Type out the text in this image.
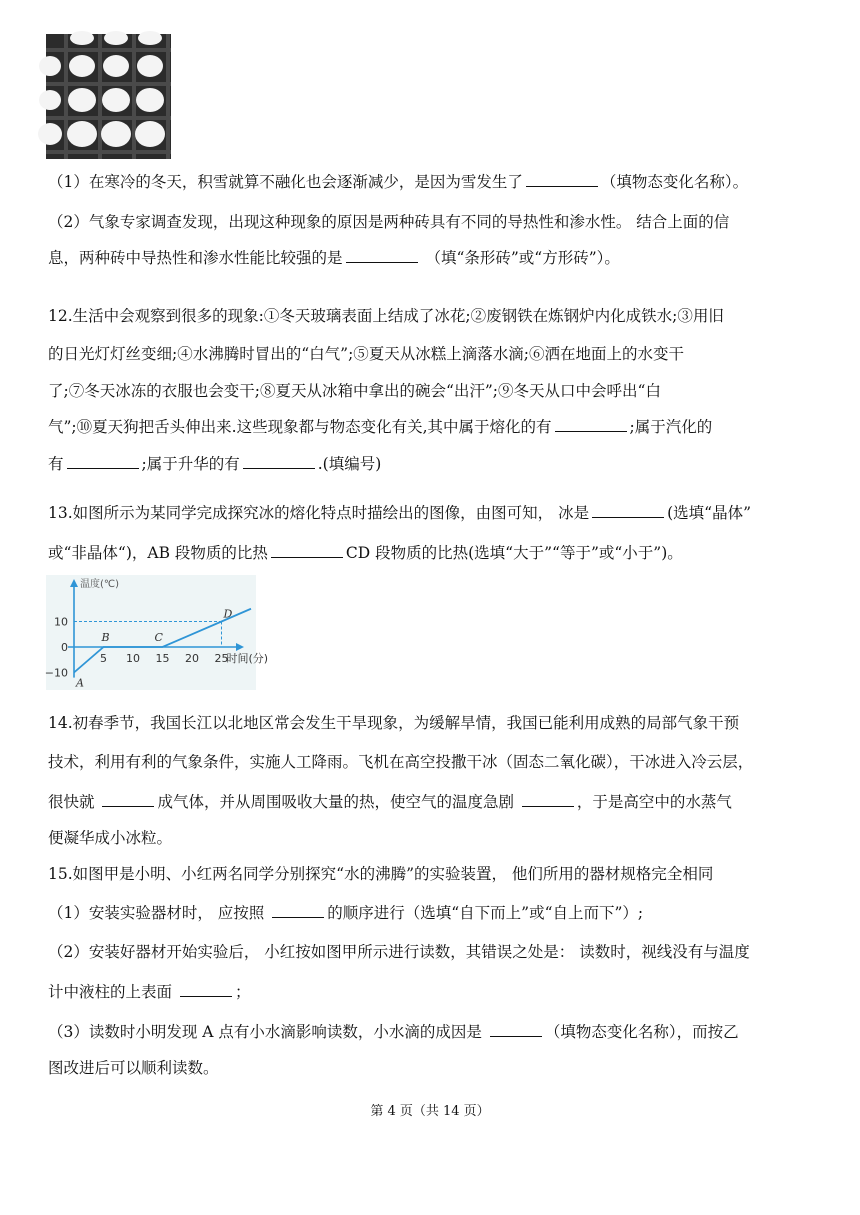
（1）在寒冷的冬天，积雪就算不融化也会逐渐减少，是因为雪发生了	（填物态变化名称）。
（2）气象专家调查发现，出现这种现象的原因是两种砖具有不同的导热性和渗水性。 结合上面的信
息，两种砖中导热性和渗水性能比较强的是	（填“条形砖”或“方形砖”）。
12.生活中会观察到很多的现象:①冬天玻璃表面上结成了冰花;②废钢铁在炼钢炉内化成铁水;③用旧
的日光灯灯丝变细;④水沸腾时冒出的“白气”;⑤夏天从冰糕上滴落水滴;⑥洒在地面上的水变干
了;⑦冬天冰冻的衣服也会变干;⑧夏天从冰箱中拿出的碗会“出汗”;⑨冬天从口中会呼出“白
气”;⑩夏天狗把舌头伸出来.这些现象都与物态变化有关,其中属于熔化的有	;属于汽化的
有	;属于升华的有	.(填编号)
13.如图所示为某同学完成探究冰的熔化特点时描绘出的图像，由图可知， 冰是	(选填“晶体”
或“非晶体“)，AB 段物质的比热	CD 段物质的比热(选填“大于”“等于”或“小于”)。
温度(℃)
10
0
−10
5 10 15 20 25
时间(分)
A
B	C
D
14.初春季节，我国长江以北地区常会发生干旱现象，为缓解旱情，我国已能利用成熟的局部气象干预
技术，利用有利的气象条件，实施人工降雨。飞机在高空投撒干冰（固态二氧化碳），干冰进入冷云层，
很快就	成气体，并从周围吸收大量的热，使空气的温度急剧	，于是高空中的水蒸气
便凝华成小冰粒。
15.如图甲是小明、小红两名同学分别探究“水的沸腾”的实验装置， 他们所用的器材规格完全相同
（1）安装实验器材时， 应按照	的顺序进行（选填“自下而上”或“自上而下”）;
（2）安装好器材开始实验后， 小红按如图甲所示进行读数，其错误之处是： 读数时，视线没有与温度
计中液柱的上表面	；
（3）读数时小明发现 A 点有小水滴影响读数，小水滴的成因是	（填物态变化名称），而按乙
图改进后可以顺利读数。
第 4 页（共 14 页）
